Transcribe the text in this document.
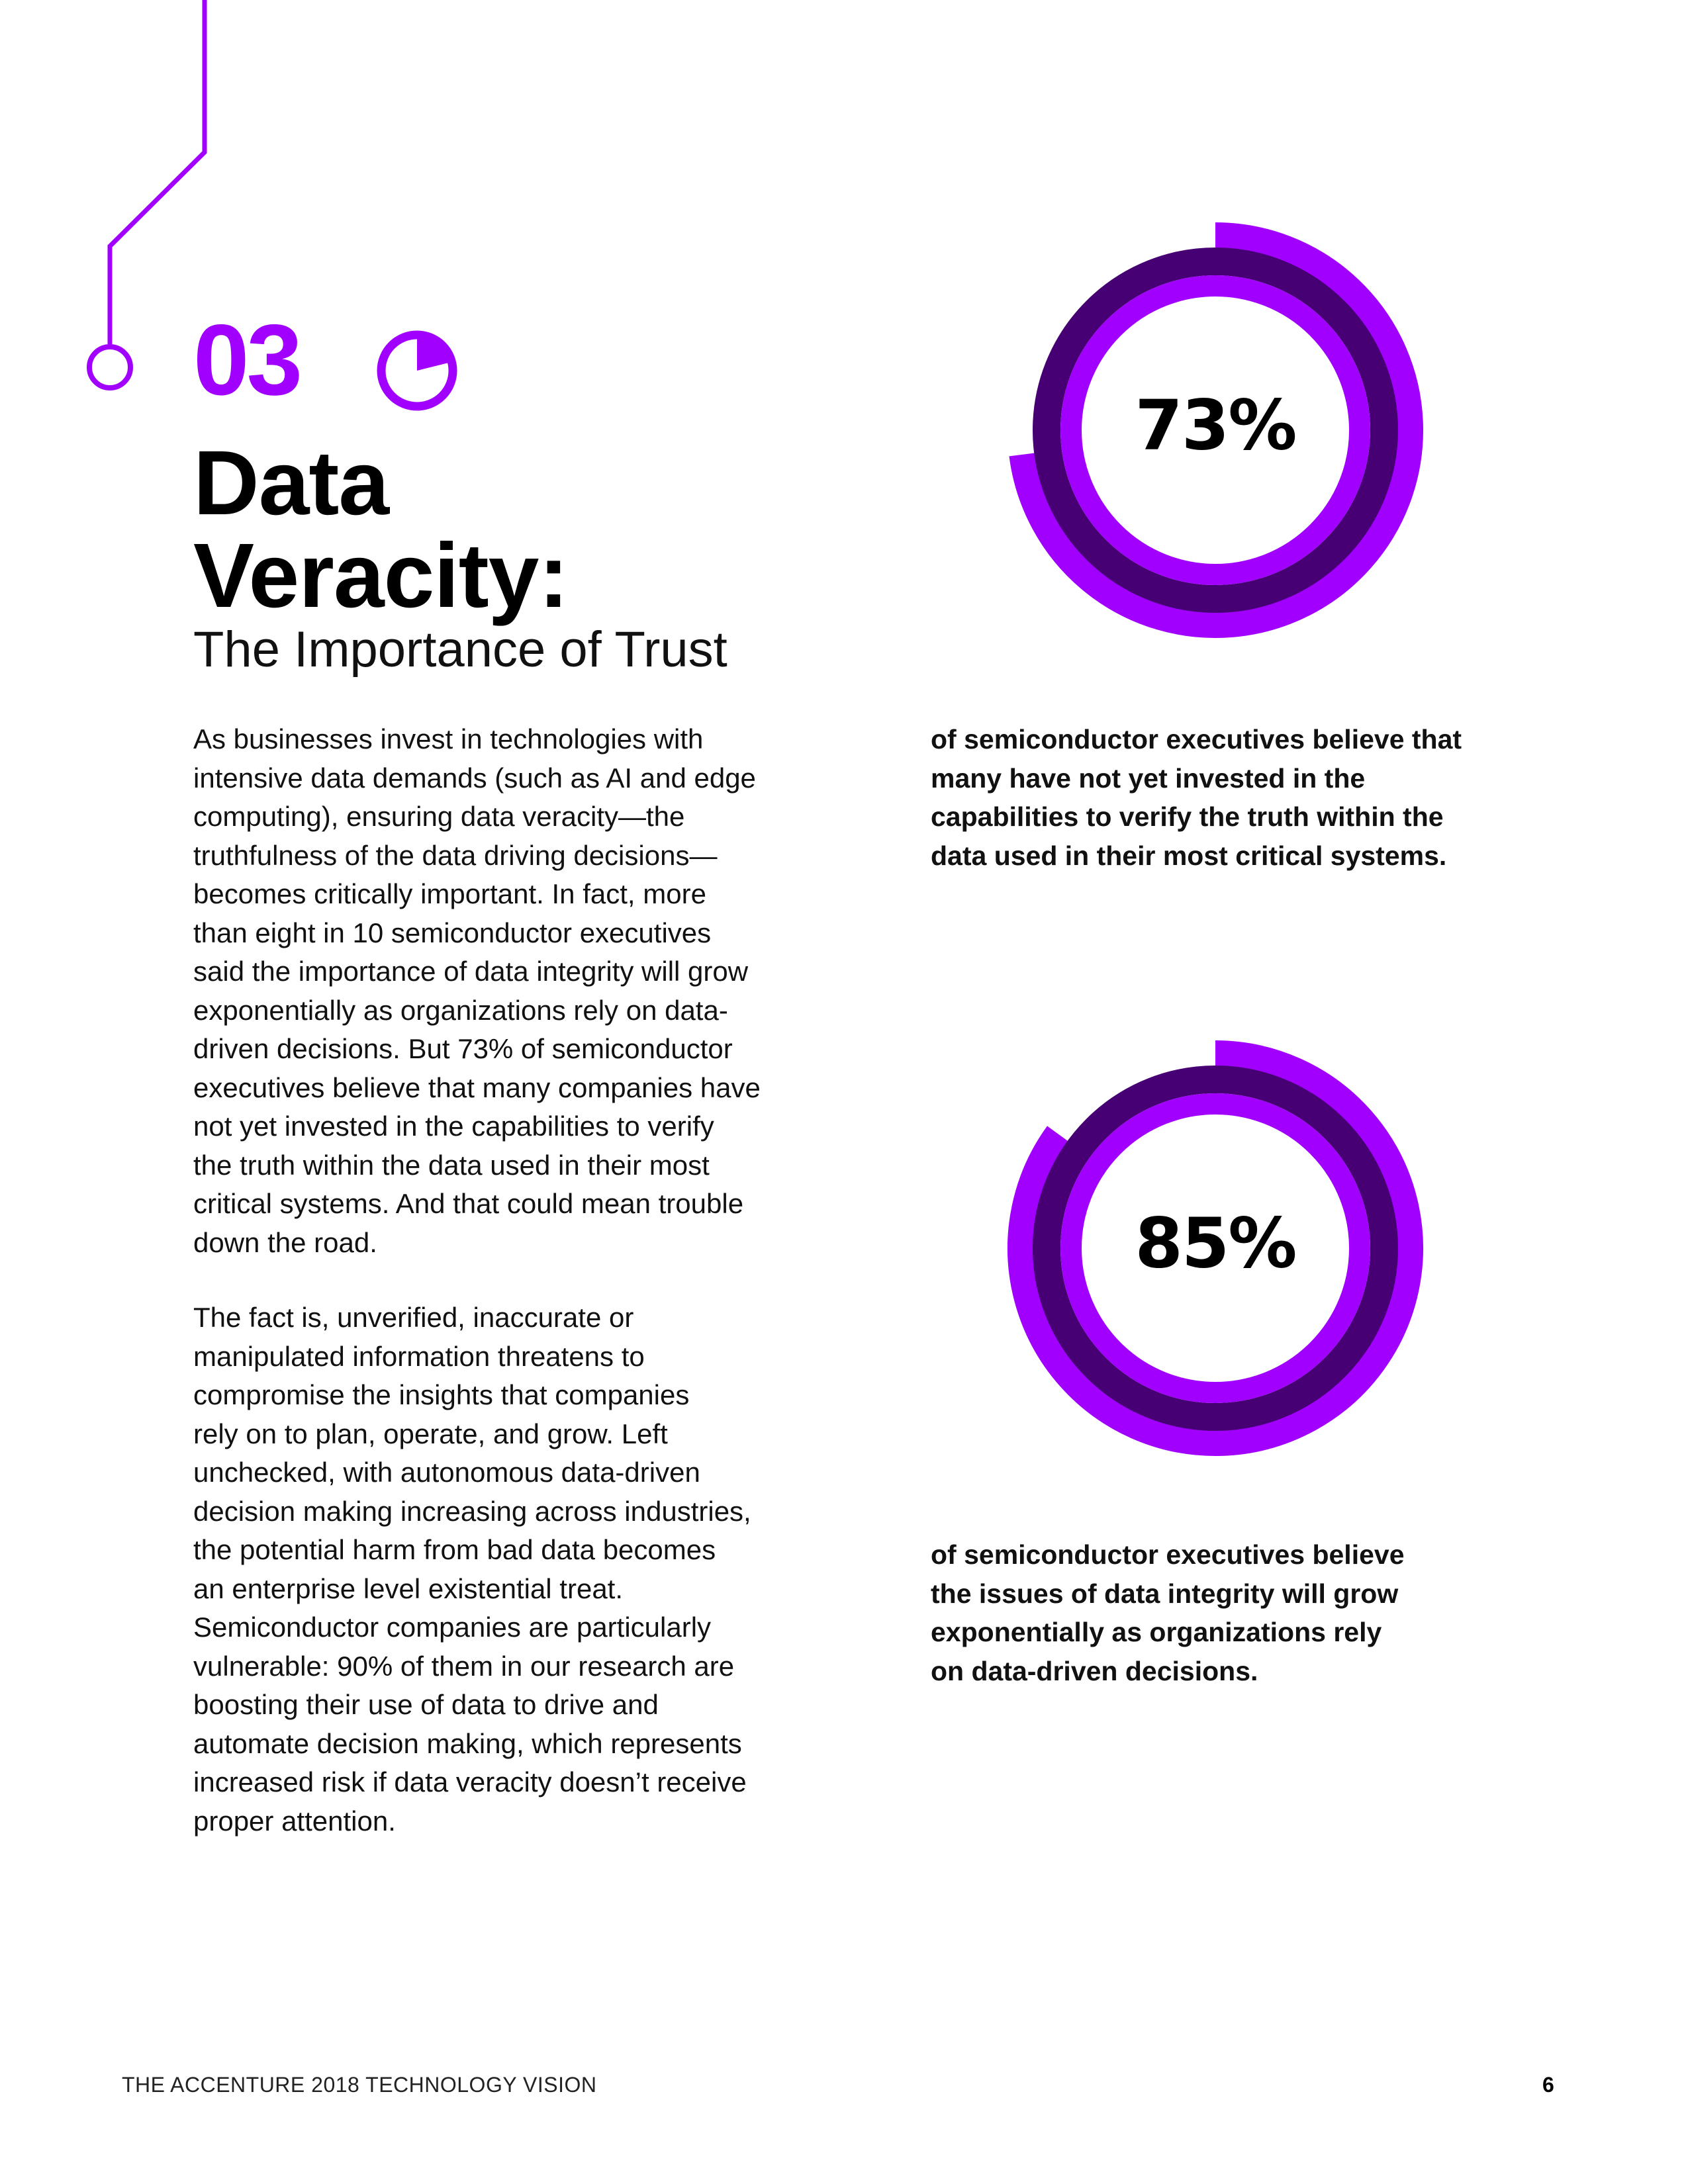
03
Data
Veracity:
The Importance of Trust

As businesses invest in technologies with
intensive data demands (such as AI and edge
computing), ensuring data veracity—the
truthfulness of the data driving decisions—
becomes critically important. In fact, more
than eight in 10 semiconductor executives
said the importance of data integrity will grow
exponentially as organizations rely on data-
driven decisions. But 73% of semiconductor
executives believe that many companies have
not yet invested in the capabilities to verify
the truth within the data used in their most
critical systems. And that could mean trouble
down the road.

The fact is, unverified, inaccurate or
manipulated information threatens to
compromise the insights that companies
rely on to plan, operate, and grow. Left
unchecked, with autonomous data-driven
decision making increasing across industries,
the potential harm from bad data becomes
an enterprise level existential treat.
Semiconductor companies are particularly
vulnerable: 90% of them in our research are
boosting their use of data to drive and
automate decision making, which represents
increased risk if data veracity doesn’t receive
proper attention.

73%
85%

of semiconductor executives believe that
many have not yet invested in the
capabilities to verify the truth within the
data used in their most critical systems.

of semiconductor executives believe
the issues of data integrity will grow
exponentially as organizations rely
on data-driven decisions.

THE ACCENTURE 2018 TECHNOLOGY VISION	6
